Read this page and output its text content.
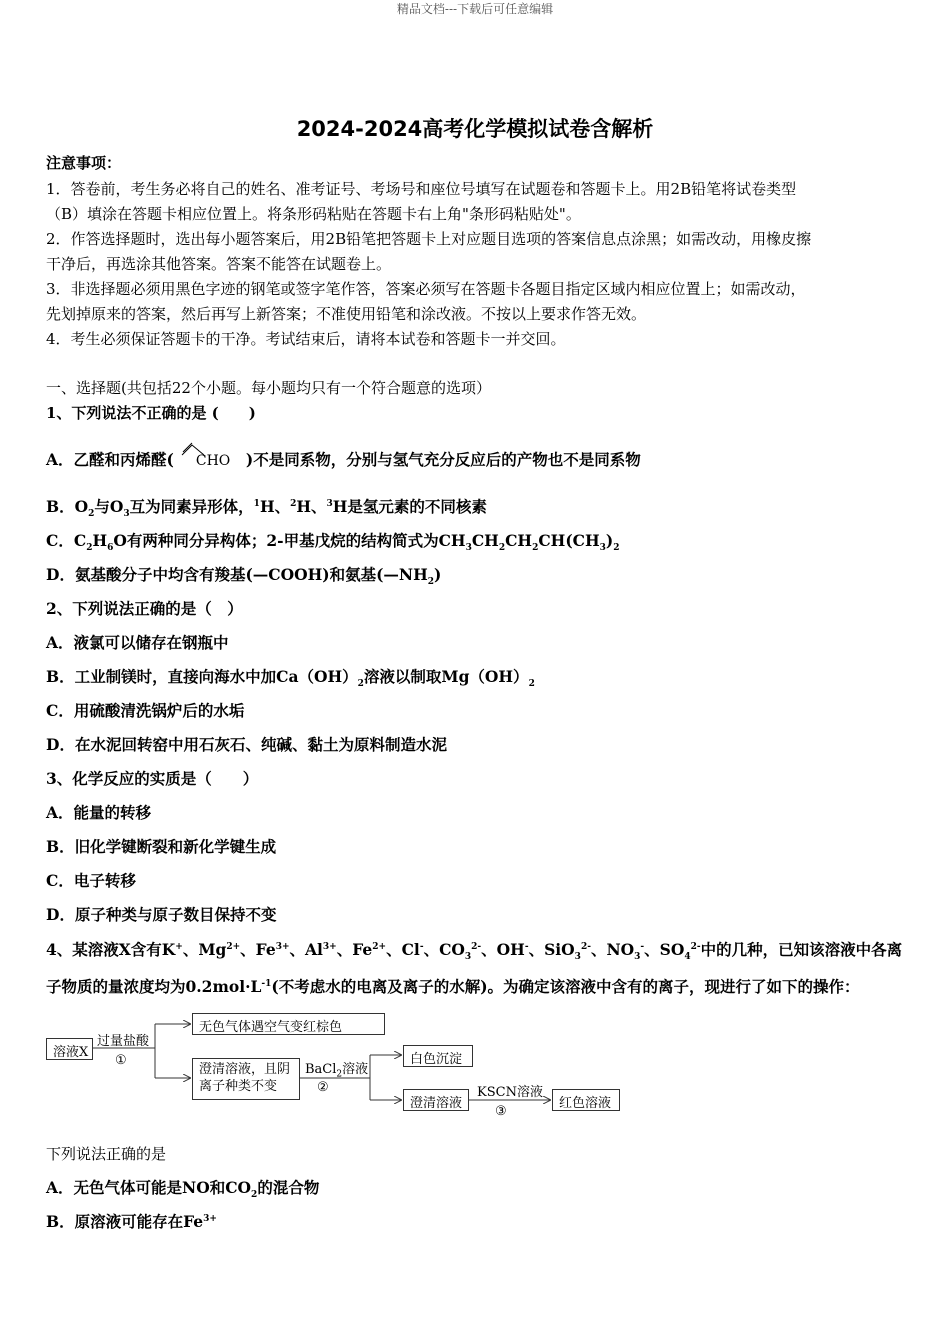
精品文档---下载后可任意编辑
2024-2024高考化学模拟试卷含解析
注意事项：
1．答卷前，考生务必将自己的姓名、准考证号、考场号和座位号填写在试题卷和答题卡上。用2B铅笔将试卷类型
（B）填涂在答题卡相应位置上。将条形码粘贴在答题卡右上角"条形码粘贴处"。
2．作答选择题时，选出每小题答案后，用2B铅笔把答题卡上对应题目选项的答案信息点涂黑；如需改动，用橡皮擦
干净后，再选涂其他答案。答案不能答在试题卷上。
3．非选择题必须用黑色字迹的钢笔或签字笔作答，答案必须写在答题卡各题目指定区域内相应位置上；如需改动，
先划掉原来的答案，然后再写上新答案；不准使用铅笔和涂改液。不按以上要求作答无效。
4．考生必须保证答题卡的干净。考试结束后，请将本试卷和答题卡一并交回。
一、选择题(共包括22个小题。每小题均只有一个符合题意的选项）
1、下列说法不正确的是 (　　)
A．乙醛和丙烯醛( CHO )不是同系物，分别与氢气充分反应后的产物也不是同系物
B．$O_2$与$O_3$互为同素异形体，$^1$H、$^2$H、$^3$H是氢元素的不同核素
C．$C_2H_6O$有两种同分异构体；2-甲基戊烷的结构简式为$CH_3CH_2CH_2CH(CH_3)_2$
D．氨基酸分子中均含有羧基(—COOH)和氨基$(—NH_2)$
2、下列说法正确的是（　）
A．液氯可以储存在钢瓶中
B．工业制镁时，直接向海水中加$Ca(OH)_2$溶液以制取$Mg(OH)_2$
C．用硫酸清洗锅炉后的水垢
D．在水泥回转窑中用石灰石、纯碱、黏土为原料制造水泥
3、化学反应的实质是（　　）
A．能量的转移
B．旧化学键断裂和新化学键生成
C．电子转移
D．原子种类与原子数目保持不变
4、某溶液X含有K+、$Mg^{2+}$、$Fe^{3+}$、$Al^{3+}$、$Fe^{2+}$、Cl-、$CO_3^{2-}$、OH-、SiO$_3^{2-}$、$NO_3^-$、$SO_4^{2-}$中的几种，已知该溶液中各离
子物质的量浓度均为$0.2mol\cdot L^{-1}$(不考虑水的电离及离子的水解)。为确定该溶液中含有的离子，现进行了如下的操作：
溶液X
过量盐酸
①
无色气体遇空气变红棕色
澄清溶液，且阴
离子种类不变
BaCl$_2$溶液
②
白色沉淀
澄清溶液
KSCN溶液
③
红色溶液
下列说法正确的是
A．无色气体可能是NO和$CO_2$的混合物
B．原溶液可能存在$Fe^{3+}$
